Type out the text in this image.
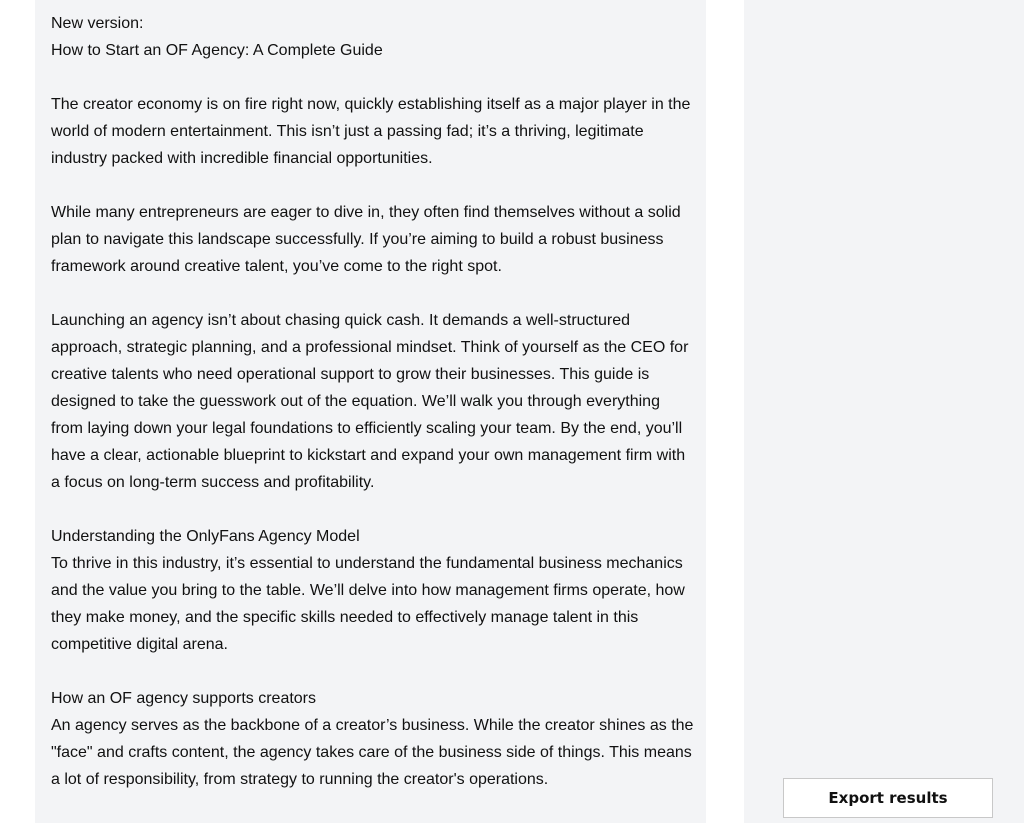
New version:
How to Start an OF Agency: A Complete Guide

The creator economy is on fire right now, quickly establishing itself as a major player in the world of modern entertainment. This isn’t just a passing fad; it’s a thriving, legitimate industry packed with incredible financial opportunities.

While many entrepreneurs are eager to dive in, they often find themselves without a solid plan to navigate this landscape successfully. If you’re aiming to build a robust business framework around creative talent, you’ve come to the right spot.

Launching an agency isn’t about chasing quick cash. It demands a well-structured approach, strategic planning, and a professional mindset. Think of yourself as the CEO for creative talents who need operational support to grow their businesses. This guide is designed to take the guesswork out of the equation. We’ll walk you through everything from laying down your legal foundations to efficiently scaling your team. By the end, you’ll have a clear, actionable blueprint to kickstart and expand your own management firm with a focus on long-term success and profitability.

Understanding the OnlyFans Agency Model
To thrive in this industry, it’s essential to understand the fundamental business mechanics and the value you bring to the table. We’ll delve into how management firms operate, how they make money, and the specific skills needed to effectively manage talent in this competitive digital arena.

How an OF agency supports creators
An agency serves as the backbone of a creator’s business. While the creator shines as the "face" and crafts content, the agency takes care of the business side of things. This means a lot of responsibility, from strategy to running the creator's operations.

Export results
